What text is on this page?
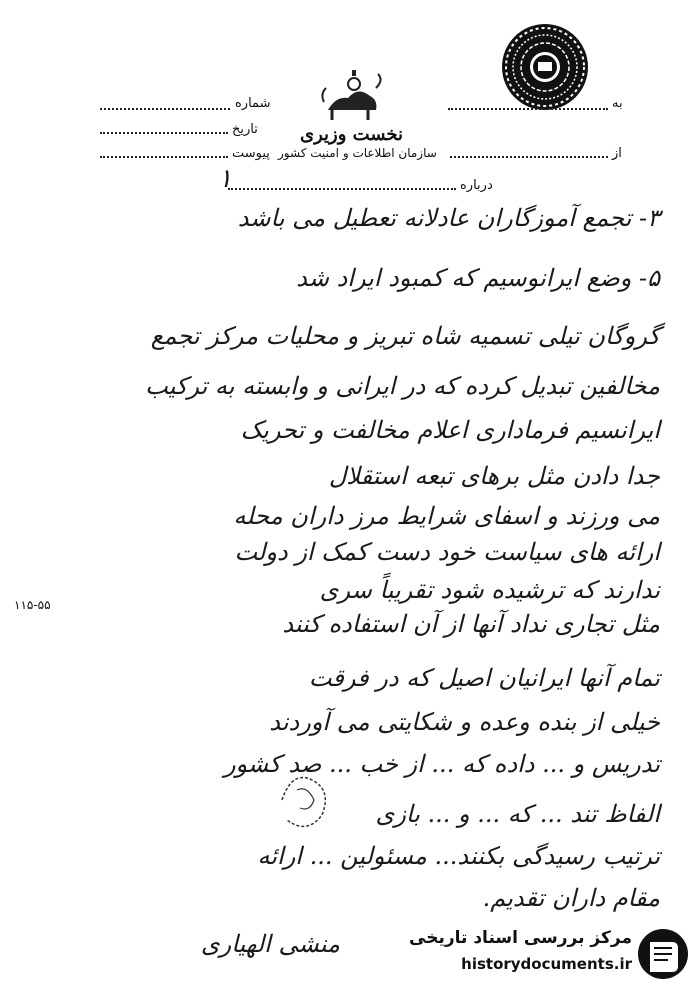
نخست وزیری
سازمان اطلاعات و امنیت کشور
شماره
تاریخ
پیوست
به
از
درباره
۱
۳- تجمع آموزگاران عادلانه تعطیل می باشد
۵- وضع ایرانوسیم که کمبود ایراد شد
گروگان تیلی تسمیه شاه تبریز و محلیات مرکز تجمع
مخالفین تبدیل کرده که در ایرانی و وابسته به ترکیب
ایرانسیم فرماداری اعلام مخالفت و تحریک
جدا دادن مثل برهای تبعه استقلال
می ورزند و اسفای شرایط مرز داران محله
ارائه های سیاست خود دست کمک از دولت
ندارند که ترشیده شود تقریباً سری
مثل تجاری نداد آنها از آن استفاده کنند
۱۱۵-۵۵
تمام آنها ایرانیان اصیل که در فرقت
خیلی از بنده وعده و شکایتی می آوردند
تدریس و ... داده که ... از خب ... صد کشور
الفاظ تند ... که ... و ... بازی
ترتیب رسیدگی بکنند... مسئولین ... ارائه
مقام داران تقدیم.
منشی الهیاری	مرکز بررسی اسناد تاریخی
historydocuments.ir
